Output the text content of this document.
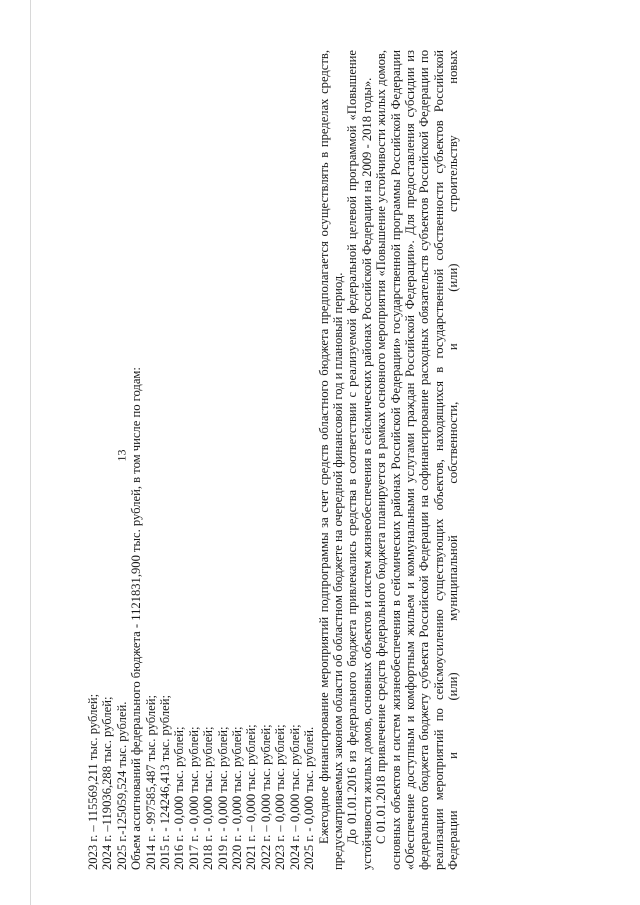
13

2023 г. – 115569,211 тыс. рублей; 2024 г. –119036,288 тыс. рублей; 2025 г.-125059,524 тыс. рублей. Объем ассигнований федерального бюджета - 1121831,900 тыс. рублей, в том числе по годам: 2014 г. - 997585,487 тыс. рублей; 2015 г. - 124246,413 тыс. рублей; 2016 г. - 0,000 тыс. рублей; 2017 г. - 0,000 тыс. рублей; 2018 г. - 0,000 тыс. рублей; 2019 г. - 0,000 тыс. рублей; 2020 г. - 0,000 тыс. рублей; 2021 г. – 0,000 тыс. рублей; 2022 г. – 0,000 тыс. рублей; 2023 г. – 0,000 тыс. рублей; 2024 г. – 0,000 тыс. рублей; 2025 г. - 0,000 тыс. рублей. Ежегодное финансирование мероприятий подпрограммы за счет средств областного бюджета предполагается осуществлять в пределах средств, предусматриваемых законом области об областном бюджете на очередной финансовой год и плановый период. До 01.01.2016 из федерального бюджета привлекались средства в соответствии с реализуемой федеральной целевой программой «Повышение устойчивости жилых домов, основных объектов и систем жизнеобеспечения в сейсмических районах Российской Федерации на 2009 - 2018 годы». С 01.01.2018 привлечение средств федерального бюджета планируется в рамках основного мероприятия «Повышение устойчивости жилых домов, основных объектов и систем жизнеобеспечения в сейсмических районах Российской Федерации» государственной программы Российской Федерации «Обеспечение доступным и комфортным жильем и коммунальными услугами граждан Российской Федерации». Для предоставления субсидии из федерального бюджета бюджету субъекта Российской Федерации на софинансирование расходных обязательств субъектов Российской Федерации по реализации мероприятий по сейсмоусилению существующих объектов, находящихся в государственной собственности субъектов Российской Федерации и (или) муниципальной собственности, и (или) строительству новых
